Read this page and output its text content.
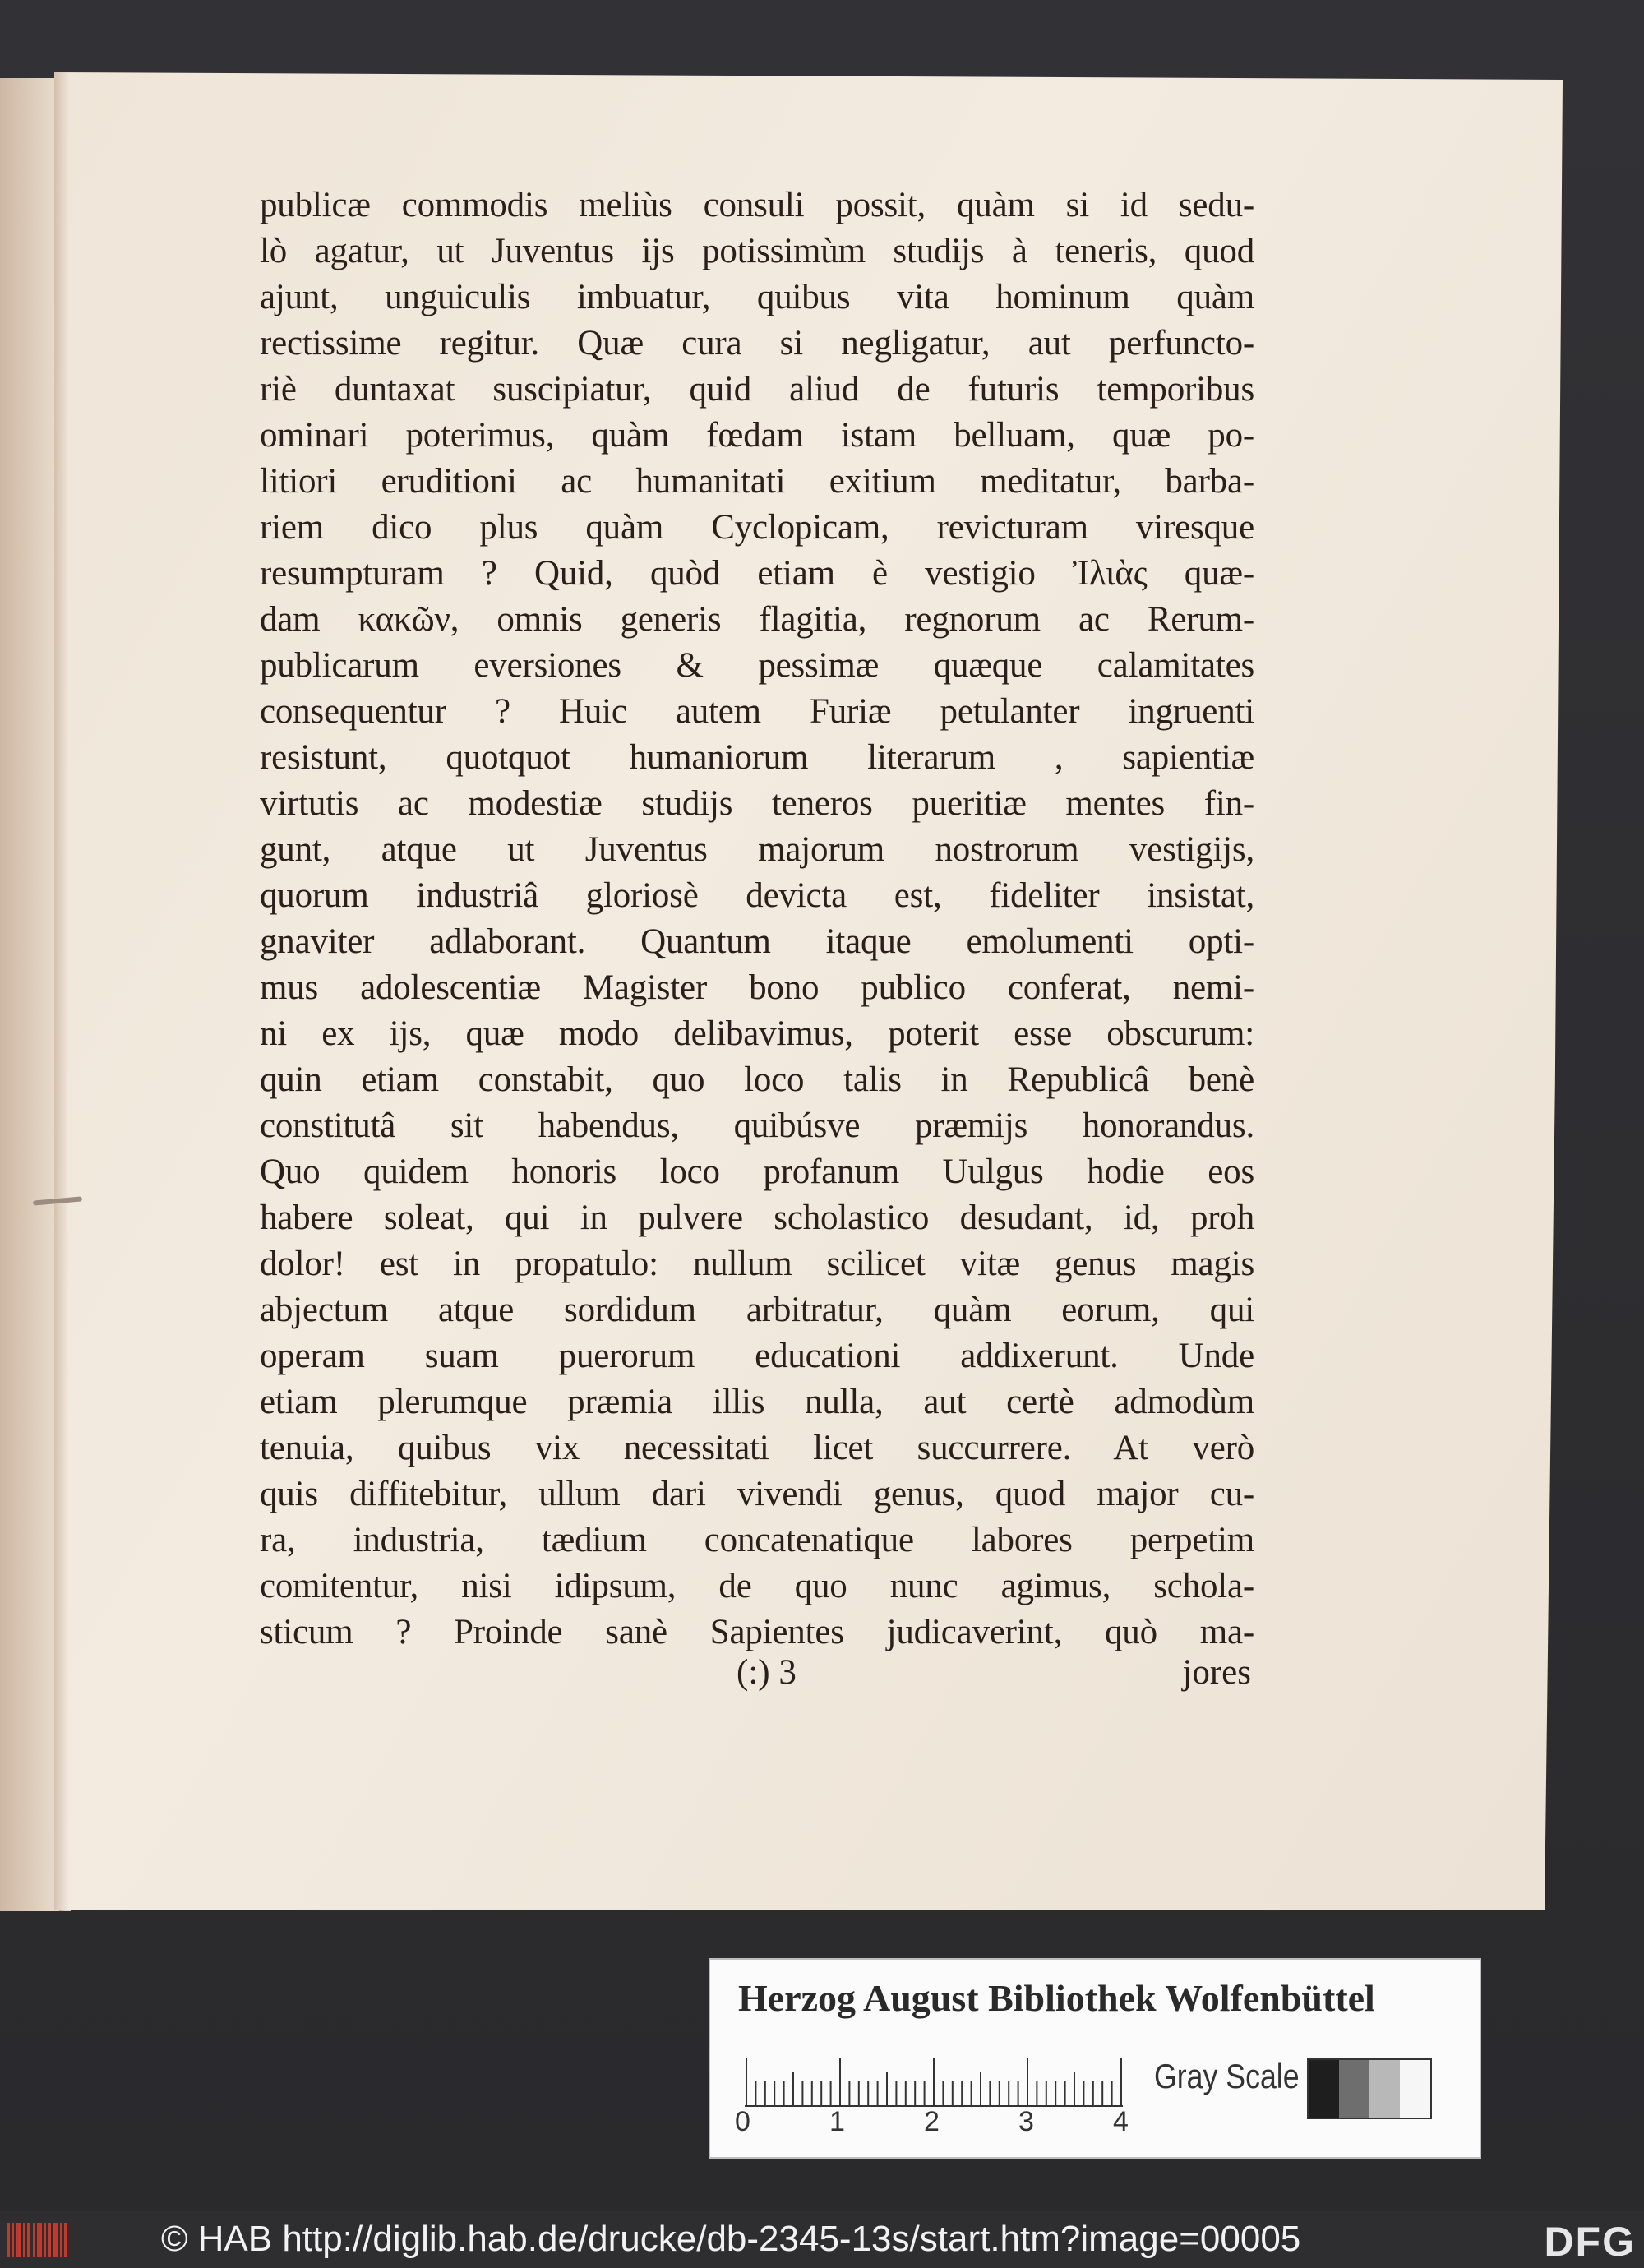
publicæ commodis meliùs consuli possit, quàm si id sedu-
lò agatur, ut Juventus ijs potissimùm studijs à teneris, quod
ajunt, unguiculis imbuatur, quibus vita hominum quàm
rectissime regitur. Quæ cura si negligatur, aut perfuncto-
riè duntaxat suscipiatur, quid aliud de futuris temporibus
ominari poterimus, quàm fœdam istam belluam, quæ po-
litiori eruditioni ac humanitati exitium meditatur, barba-
riem dico plus quàm Cyclopicam, revicturam viresque
resumpturam ? Quid, quòd etiam è vestigio Ἰλιὰς quæ-
dam κακῶν, omnis generis flagitia, regnorum ac Rerum-
publicarum eversiones & pessimæ quæque calamitates
consequentur ? Huic autem Furiæ petulanter ingruenti
resistunt, quotquot humaniorum literarum , sapientiæ
virtutis ac modestiæ studijs teneros pueritiæ mentes fin-
gunt, atque ut Juventus majorum nostrorum vestigijs,
quorum industriâ gloriosè devicta est, fideliter insistat,
gnaviter adlaborant. Quantum itaque emolumenti opti-
mus adolescentiæ Magister bono publico conferat, nemi-
ni ex ijs, quæ modo delibavimus, poterit esse obscurum:
quin etiam constabit, quo loco talis in Republicâ benè
constitutâ sit habendus, quibúsve præmijs honorandus.
Quo quidem honoris loco profanum Uulgus hodie eos
habere soleat, qui in pulvere scholastico desudant, id, proh
dolor! est in propatulo: nullum scilicet vitæ genus magis
abjectum atque sordidum arbitratur, quàm eorum, qui
operam suam puerorum educationi addixerunt. Unde
etiam plerumque præmia illis nulla, aut certè admodùm
tenuia, quibus vix necessitati licet succurrere. At verò
quis diffitebitur, ullum dari vivendi genus, quod major cu-
ra, industria, tædium concatenatique labores perpetim
comitentur, nisi idipsum, de quo nunc agimus, schola-
sticum ? Proinde sanè Sapientes judicaverint, quò ma-
(:) 3	jores
Herzog August Bibliothek Wolfenbüttel
0	1	2	3	4
Gray Scale
© HAB http://diglib.hab.de/drucke/db-2345-13s/start.htm?image=00005	DFG
